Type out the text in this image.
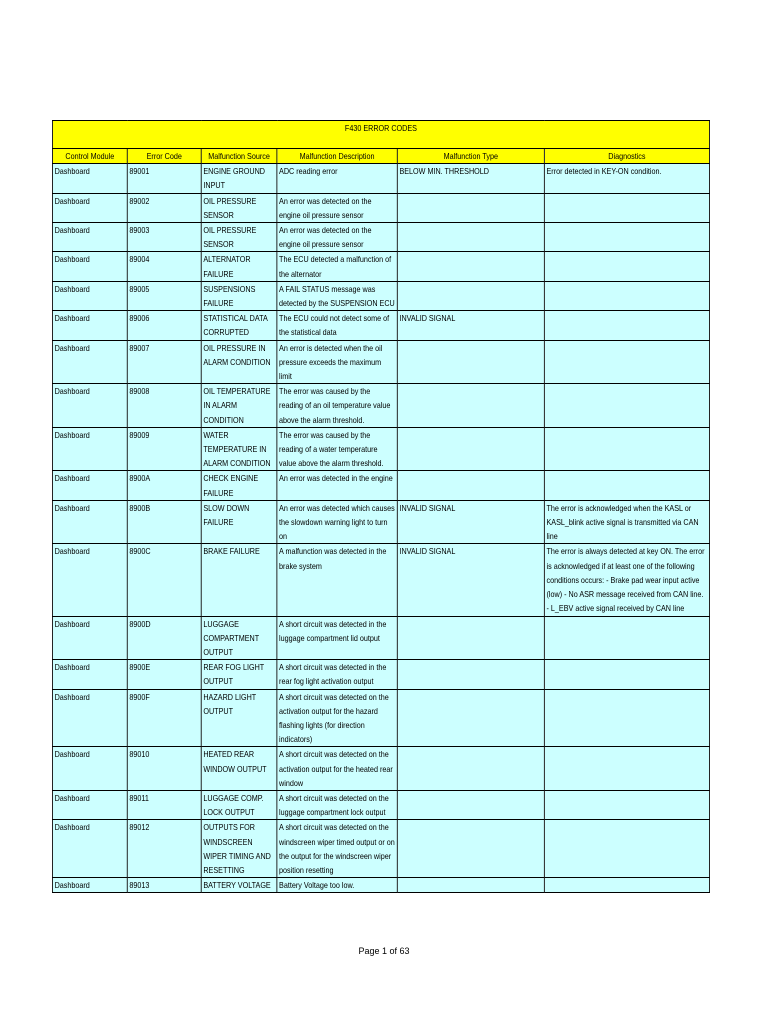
F430 ERROR CODES					
Control Module	Error Code	Malfunction Source	Malfunction Description	Malfunction Type	Diagnostics
Dashboard	89001	ENGINE GROUND INPUT	ADC reading error	BELOW MIN. THRESHOLD	Error detected in KEY-ON condition.
Dashboard	89002	OIL PRESSURE SENSOR	An error was detected on the engine oil pressure sensor		
Dashboard	89003	OIL PRESSURE SENSOR	An error was detected on the engine oil pressure sensor		
Dashboard	89004	ALTERNATOR FAILURE	The ECU detected a malfunction of the alternator		
Dashboard	89005	SUSPENSIONS FAILURE	A FAIL STATUS message was detected by the SUSPENSION ECU		
Dashboard	89006	STATISTICAL DATA CORRUPTED	The ECU could not detect some of the statistical data	INVALID SIGNAL	
Dashboard	89007	OIL PRESSURE IN ALARM CONDITION	An error is detected when the oil pressure exceeds the maximum limit		
Dashboard	89008	OIL TEMPERATURE IN ALARM CONDITION	The error was caused by the reading of an oil temperature value above the alarm threshold.		
Dashboard	89009	WATER TEMPERATURE IN ALARM CONDITION	The error was caused by the reading of a water temperature value above the alarm threshold.		
Dashboard	8900A	CHECK ENGINE FAILURE	An error was detected in the engine		
Dashboard	8900B	SLOW DOWN FAILURE	An error was detected which causes the slowdown warning light to turn on	INVALID SIGNAL	The error is acknowledged when the KASL or KASL_blink active signal is transmitted via CAN line
Dashboard	8900C	BRAKE FAILURE	A malfunction was detected in the brake system	INVALID SIGNAL	The error is always detected at key ON. The error is acknowledged if at least one of the following conditions occurs: - Brake pad wear input active (low) - No ASR message received from CAN line. - L_EBV active signal received by CAN line
Dashboard	8900D	LUGGAGE COMPARTMENT OUTPUT	A short circuit was detected in the luggage compartment lid output		
Dashboard	8900E	REAR FOG LIGHT OUTPUT	A short circuit was detected in the rear fog light activation output		
Dashboard	8900F	HAZARD LIGHT OUTPUT	A short circuit was detected on the activation output for the hazard flashing lights (for direction indicators)		
Dashboard	89010	HEATED REAR WINDOW OUTPUT	A short circuit was detected on the activation output for the heated rear window		
Dashboard	89011	LUGGAGE COMP. LOCK OUTPUT	A short circuit was detected on the luggage compartment lock output		
Dashboard	89012	OUTPUTS FOR WINDSCREEN WIPER TIMING AND RESETTING	A short circuit was detected on the windscreen wiper timed output or on the output for the windscreen wiper position resetting		
Dashboard	89013	BATTERY VOLTAGE	Battery Voltage too low.		
Page 1 of 63
